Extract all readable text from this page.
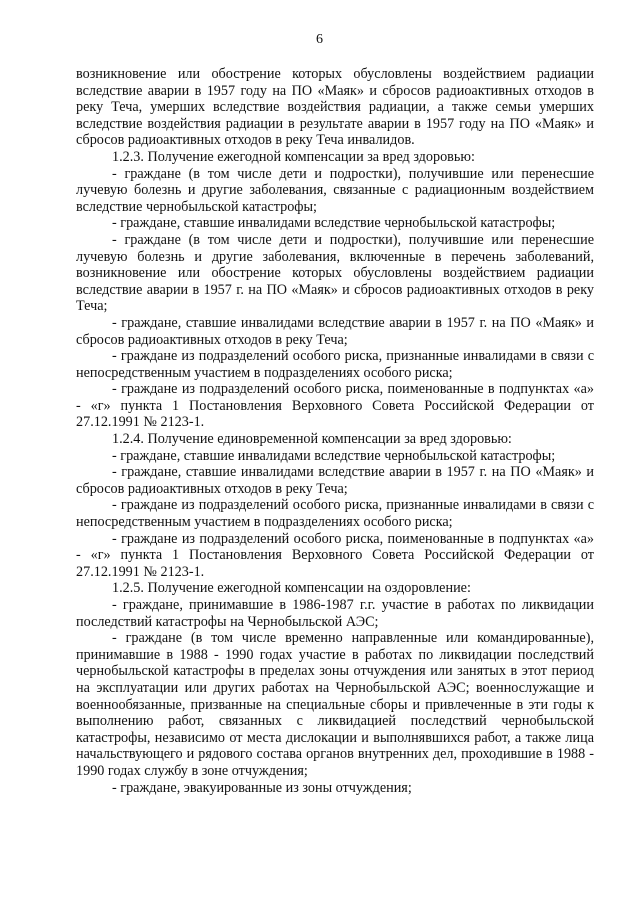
6

возникновение или обострение которых обусловлены воздействием радиации вследствие аварии в 1957 году на ПО «Маяк» и сбросов радиоактивных отходов в реку Теча, умерших вследствие воздействия радиации, а также семьи умерших вследствие воздействия радиации в результате аварии в 1957 году на ПО «Маяк» и сбросов радиоактивных отходов в реку Теча инвалидов.

1.2.3. Получение ежегодной компенсации за вред здоровью:

- граждане (в том числе дети и подростки), получившие или перенесшие лучевую болезнь и другие заболевания, связанные с радиационным воздействием вследствие чернобыльской катастрофы;

- граждане, ставшие инвалидами вследствие чернобыльской катастрофы;

- граждане (в том числе дети и подростки), получившие или перенесшие лучевую болезнь и другие заболевания, включенные в перечень заболеваний, возникновение или обострение которых обусловлены воздействием радиации вследствие аварии в 1957 г. на ПО «Маяк» и сбросов радиоактивных отходов в реку Теча;

- граждане, ставшие инвалидами вследствие аварии в 1957 г. на ПО «Маяк» и сбросов радиоактивных отходов в реку Теча;

- граждане из подразделений особого риска, признанные инвалидами в связи с непосредственным участием в подразделениях особого риска;

- граждане из подразделений особого риска, поименованные в подпунктах «а» - «г» пункта 1 Постановления Верховного Совета Российской Федерации от 27.12.1991 № 2123-1.

1.2.4. Получение единовременной компенсации за вред здоровью:

- граждане, ставшие инвалидами вследствие чернобыльской катастрофы;

- граждане, ставшие инвалидами вследствие аварии в 1957 г. на ПО «Маяк» и сбросов радиоактивных отходов в реку Теча;

- граждане из подразделений особого риска, признанные инвалидами в связи с непосредственным участием в подразделениях особого риска;

- граждане из подразделений особого риска, поименованные в подпунктах «а» - «г» пункта 1 Постановления Верховного Совета Российской Федерации от 27.12.1991 № 2123-1.

1.2.5. Получение ежегодной компенсации на оздоровление:

- граждане, принимавшие в 1986-1987 г.г. участие в работах по ликвидации последствий катастрофы на Чернобыльской АЭС;

- граждане (в том числе временно направленные или командированные), принимавшие в 1988 - 1990 годах участие в работах по ликвидации последствий чернобыльской катастрофы в пределах зоны отчуждения или занятых в этот период на эксплуатации или других работах на Чернобыльской АЭС; военнослужащие и военнообязанные, призванные на специальные сборы и привлеченные в эти годы к выполнению работ, связанных с ликвидацией последствий чернобыльской катастрофы, независимо от места дислокации и выполнявшихся работ, а также лица начальствующего и рядового состава органов внутренних дел, проходившие в 1988 - 1990 годах службу в зоне отчуждения;

- граждане, эвакуированные из зоны отчуждения;
